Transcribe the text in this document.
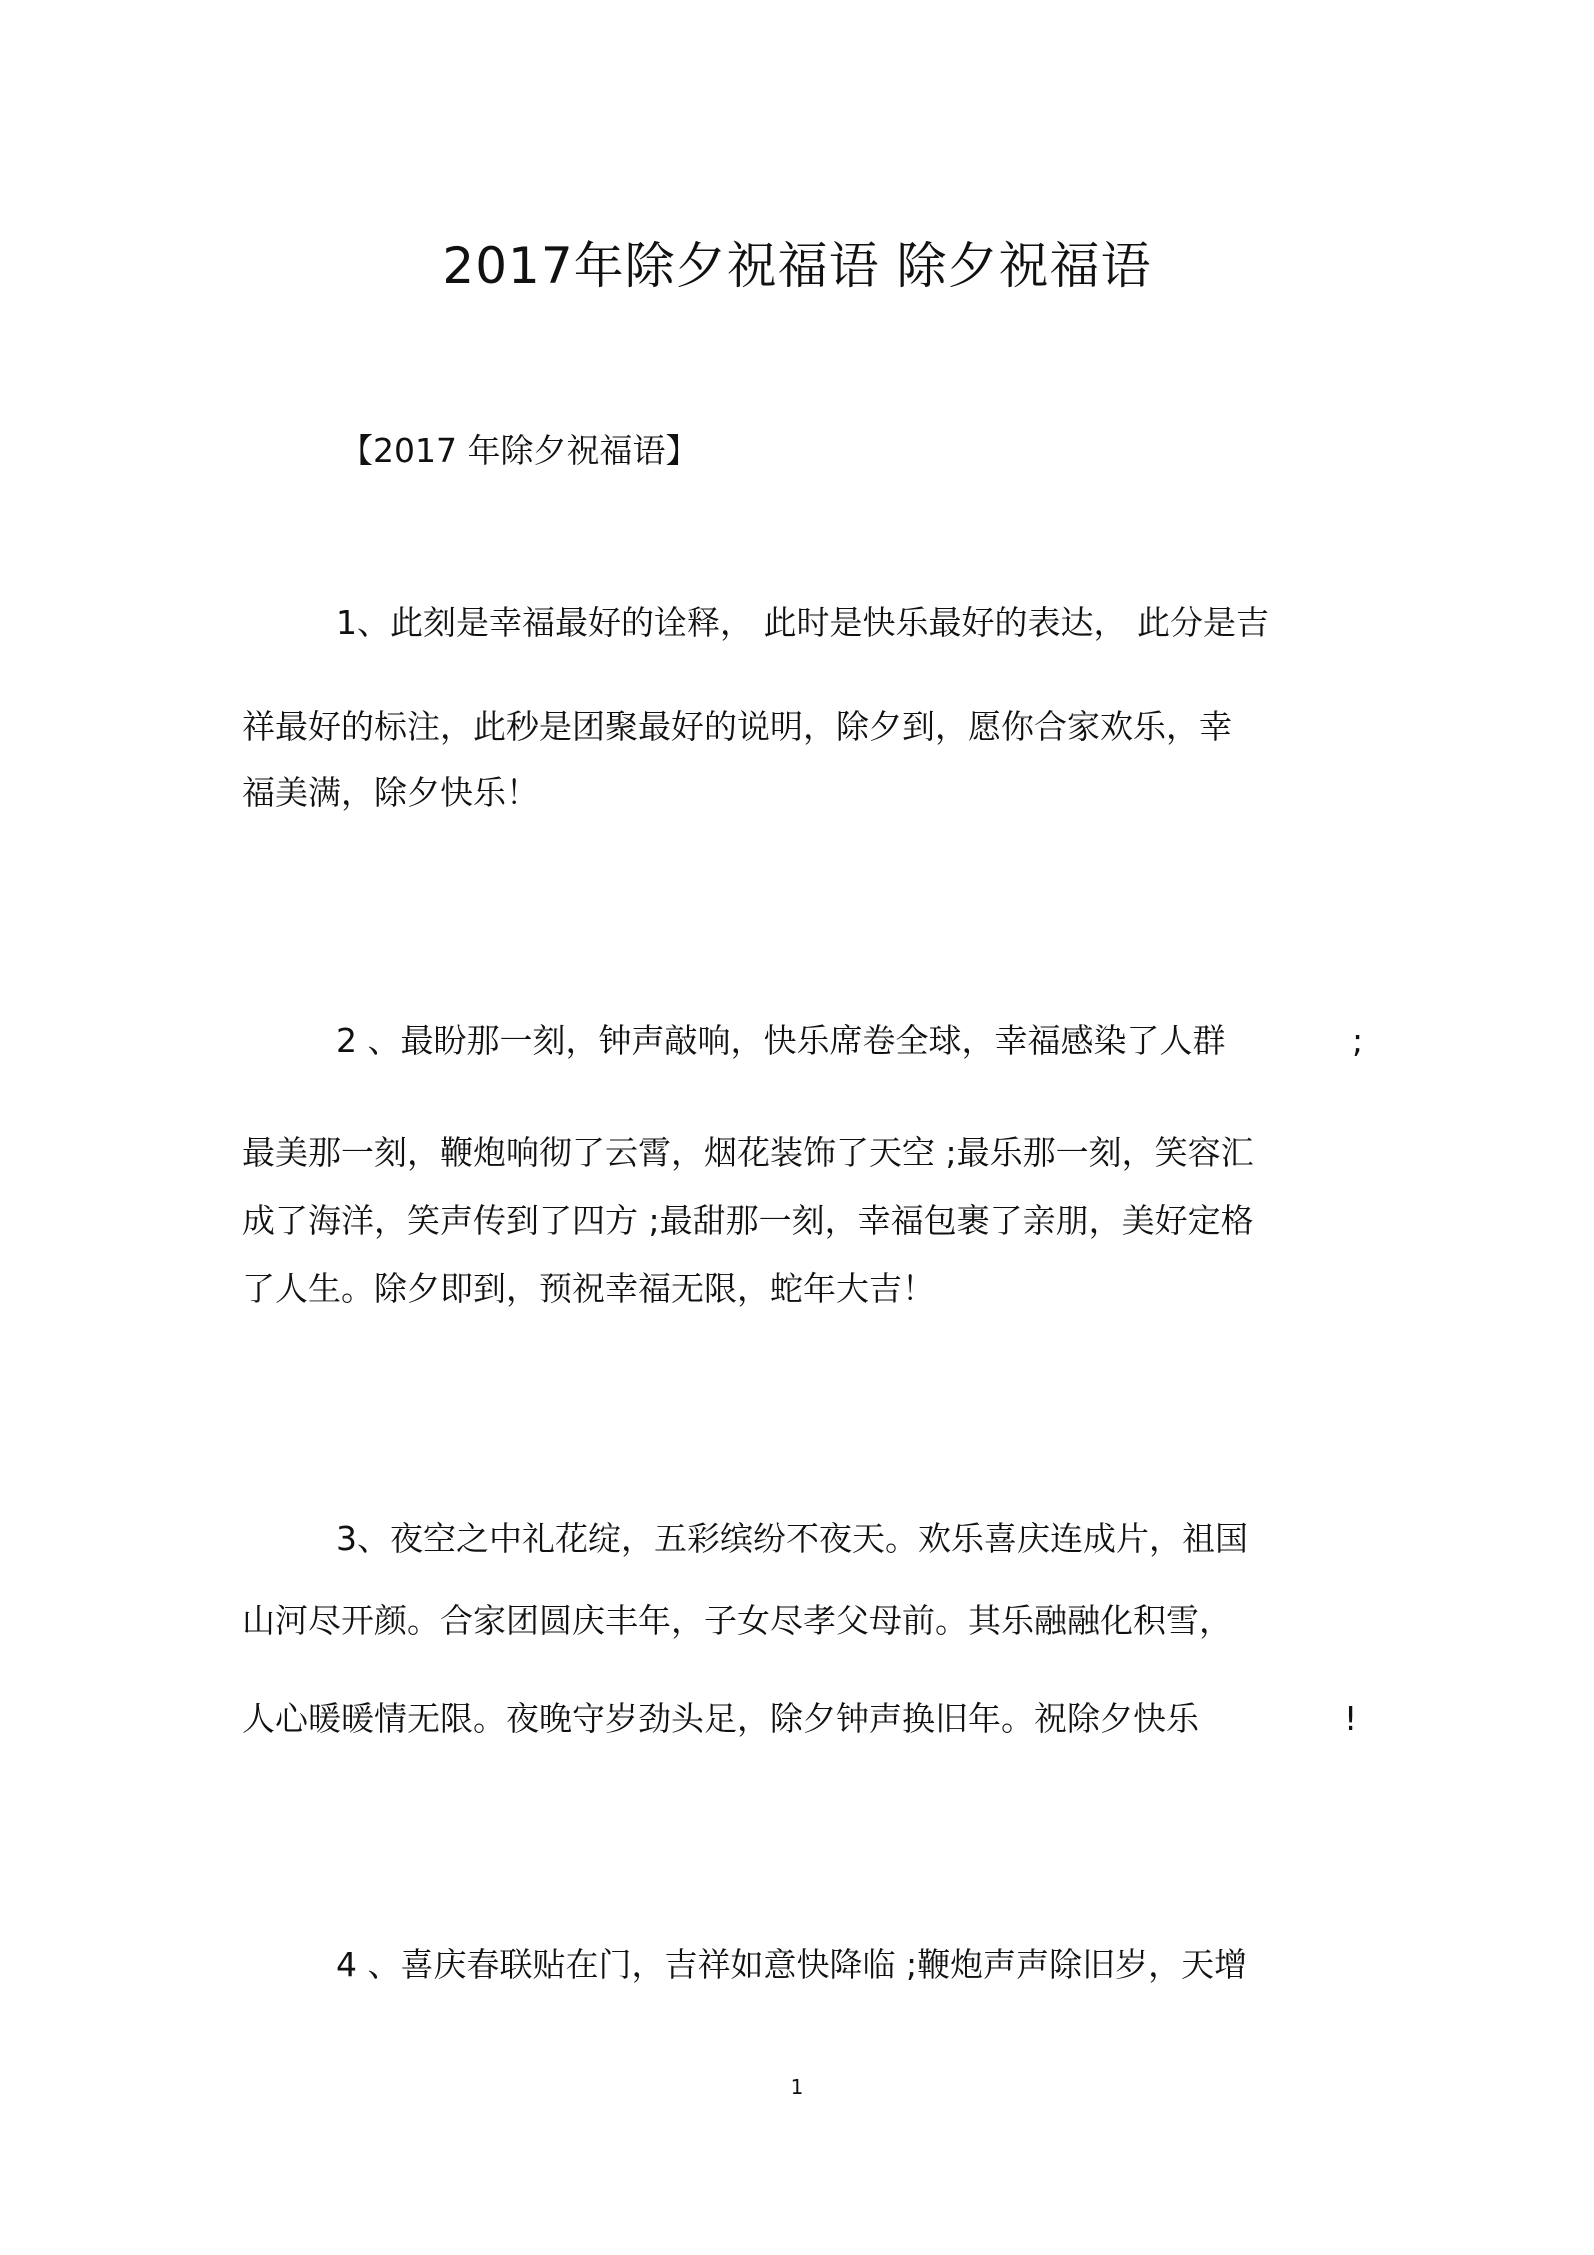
2017年除夕祝福语 除夕祝福语
【2017 年除夕祝福语】
1、此刻是幸福最好的诠释， 此时是快乐最好的表达， 此分是吉
祥最好的标注，此秒是团聚最好的说明，除夕到，愿你合家欢乐，幸
福美满，除夕快乐！
2 、最盼那一刻，钟声敲响，快乐席卷全球，幸福感染了人群	;
最美那一刻，鞭炮响彻了云霄，烟花装饰了天空 ;最乐那一刻，笑容汇
成了海洋，笑声传到了四方 ;最甜那一刻，幸福包裹了亲朋，美好定格
了人生。除夕即到，预祝幸福无限，蛇年大吉！
3、夜空之中礼花绽，五彩缤纷不夜天。欢乐喜庆连成片，祖国
山河尽开颜。合家团圆庆丰年，子女尽孝父母前。其乐融融化积雪，
人心暖暖情无限。夜晚守岁劲头足，除夕钟声换旧年。祝除夕快乐	!
4 、喜庆春联贴在门，吉祥如意快降临 ;鞭炮声声除旧岁，天增
1
